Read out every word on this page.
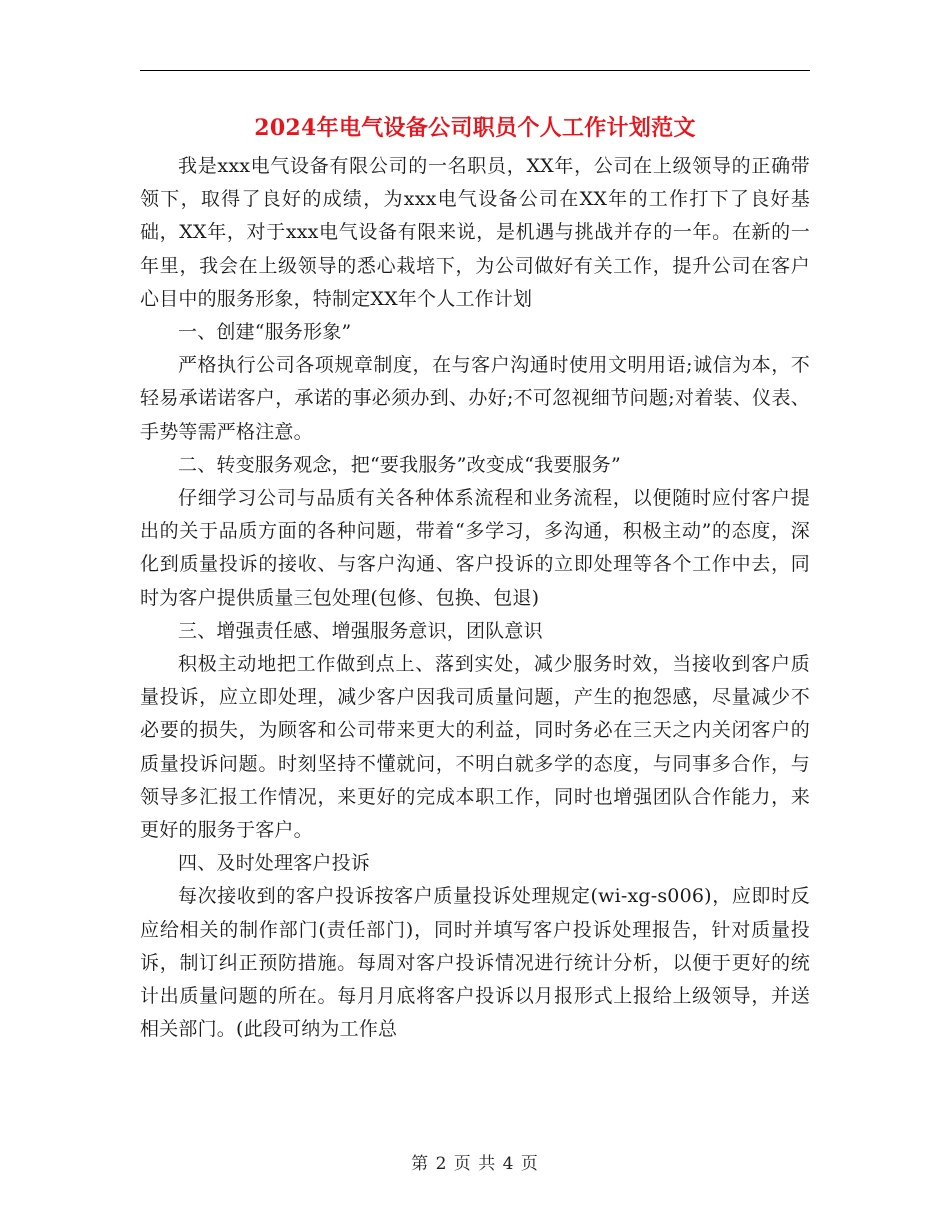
2024年电气设备公司职员个人工作计划范文

我是xxx电气设备有限公司的一名职员，XX年，公司在上级领导的正确带领下，取得了良好的成绩，为xxx电气设备公司在XX年的工作打下了良好基础，XX年，对于xxx电气设备有限来说，是机遇与挑战并存的一年。在新的一年里，我会在上级领导的悉心栽培下，为公司做好有关工作，提升公司在客户心目中的服务形象，特制定XX年个人工作计划

一、创建“服务形象”

严格执行公司各项规章制度，在与客户沟通时使用文明用语;诚信为本，不轻易承诺诺客户，承诺的事必须办到、办好;不可忽视细节问题;对着装、仪表、手势等需严格注意。

二、转变服务观念，把“要我服务”改变成“我要服务”

仔细学习公司与品质有关各种体系流程和业务流程，以便随时应付客户提出的关于品质方面的各种问题，带着“多学习，多沟通，积极主动”的态度，深化到质量投诉的接收、与客户沟通、客户投诉的立即处理等各个工作中去，同时为客户提供质量三包处理(包修、包换、包退)

三、增强责任感、增强服务意识，团队意识

积极主动地把工作做到点上、落到实处，减少服务时效，当接收到客户质量投诉，应立即处理，减少客户因我司质量问题，产生的抱怨感，尽量减少不必要的损失，为顾客和公司带来更大的利益，同时务必在三天之内关闭客户的质量投诉问题。时刻坚持不懂就问，不明白就多学的态度，与同事多合作，与领导多汇报工作情况，来更好的完成本职工作，同时也增强团队合作能力，来更好的服务于客户。

四、及时处理客户投诉

每次接收到的客户投诉按客户质量投诉处理规定(wi-xg-s006)，应即时反应给相关的制作部门(责任部门)，同时并填写客户投诉处理报告，针对质量投诉，制订纠正预防措施。每周对客户投诉情况进行统计分析，以便于更好的统计出质量问题的所在。每月月底将客户投诉以月报形式上报给上级领导，并送相关部门。(此段可纳为工作总

第 2 页 共 4 页
